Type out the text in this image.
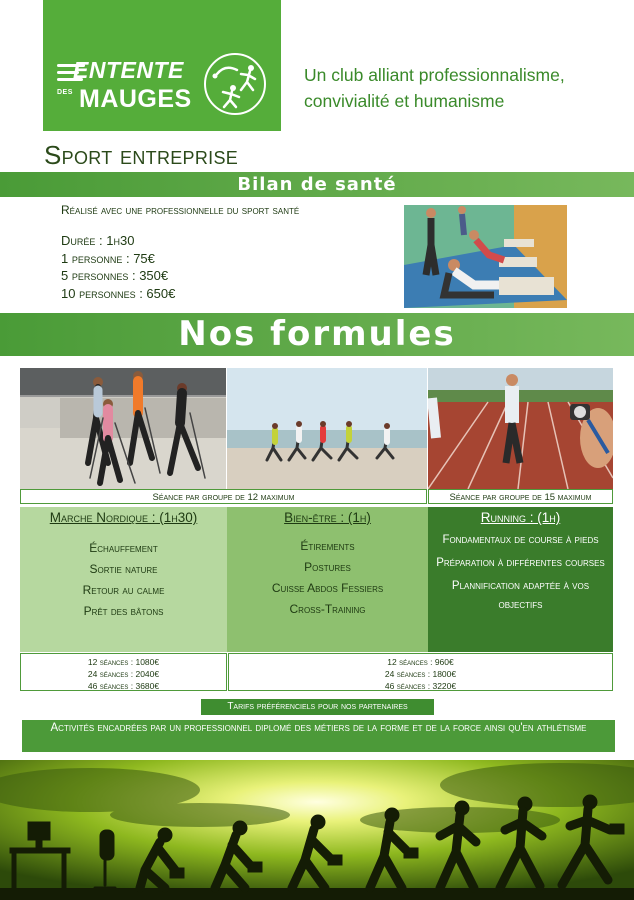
ENTENTE
DES MAUGES
Un club alliant professionnalisme,
convivialité et humanisme
Sport entreprise
Bilan de santé
Réalisé avec une professionnelle du sport santé
Durée : 1h30
1 personne : 75€
5 personnes : 350€
10 personnes : 650€
Nos formules
Séance par groupe de 12 maximum	Séance par groupe de 15 maximum
Marche Nordique : (1h30)
Échauffement
Sortie nature
Retour au calme
Prêt des bâtons
Bien-être : (1h)
Étirements
Postures
Cuisse Abdos Fessiers
Cross-Training
Running : (1h)
Fondamentaux de course à pieds
Préparation à différentes courses
Plannification adaptée à vos objectifs
12 séances : 1080€
24 séances : 2040€
46 séances : 3680€
12 séances : 960€
24 séances : 1800€
46 séances : 3220€
Tarifs préférenciels pour nos partenaires
Activités encadrées par un professionnel diplomé des métiers de la forme et de la force ainsi qu'en athlétisme
